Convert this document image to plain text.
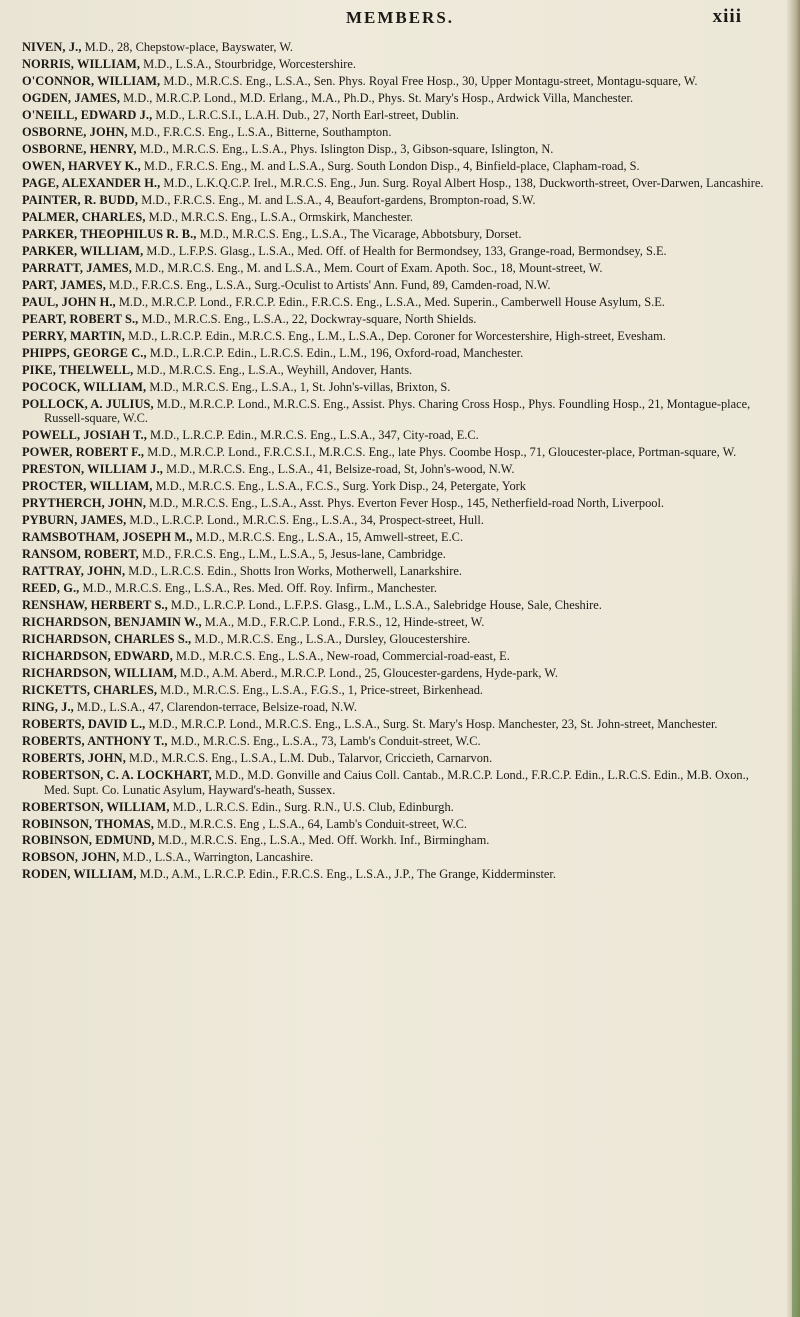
MEMBERS.	xiii

NIVEN, J., M.D., 28, Chepstow-place, Bayswater, W.

NORRIS, WILLIAM, M.D., L.S.A., Stourbridge, Worcestershire.

O'CONNOR, WILLIAM, M.D., M.R.C.S. Eng., L.S.A., Sen. Phys. Royal Free Hosp., 30, Upper Montagu-street, Montagu-square, W.

OGDEN, JAMES, M.D., M.R.C.P. Lond., M.D. Erlang., M.A., Ph.D., Phys. St. Mary's Hosp., Ardwick Villa, Manchester.

O'NEILL, EDWARD J., M.D., L.R.C.S.I., L.A.H. Dub., 27, North Earl-street, Dublin.

OSBORNE, JOHN, M.D., F.R.C.S. Eng., L.S.A., Bitterne, Southampton.

OSBORNE, HENRY, M.D., M.R.C.S. Eng., L.S.A., Phys. Islington Disp., 3, Gibson-square, Islington, N.

OWEN, HARVEY K., M.D., F.R.C.S. Eng., M. and L.S.A., Surg. South London Disp., 4, Binfield-place, Clapham-road, S.

PAGE, ALEXANDER H., M.D., L.K.Q.C.P. Irel., M.R.C.S. Eng., Jun. Surg. Royal Albert Hosp., 138, Duckworth-street, Over-Darwen, Lancashire.

PAINTER, R. BUDD, M.D., F.R.C.S. Eng., M. and L.S.A., 4, Beaufort-gardens, Brompton-road, S.W.

PALMER, CHARLES, M.D., M.R.C.S. Eng., L.S.A., Ormskirk, Manchester.

PARKER, THEOPHILUS R. B., M.D., M.R.C.S. Eng., L.S.A., The Vicarage, Abbotsbury, Dorset.

PARKER, WILLIAM, M.D., L.F.P.S. Glasg., L.S.A., Med. Off. of Health for Bermondsey, 133, Grange-road, Bermondsey, S.E.

PARRATT, JAMES, M.D., M.R.C.S. Eng., M. and L.S.A., Mem. Court of Exam. Apoth. Soc., 18, Mount-street, W.

PART, JAMES, M.D., F.R.C.S. Eng., L.S.A., Surg.-Oculist to Artists' Ann. Fund, 89, Camden-road, N.W.

PAUL, JOHN H., M.D., M.R.C.P. Lond., F.R.C.P. Edin., F.R.C.S. Eng., L.S.A., Med. Superin., Camberwell House Asylum, S.E.

PEART, ROBERT S., M.D., M.R.C.S. Eng., L.S.A., 22, Dockwray-square, North Shields.

PERRY, MARTIN, M.D., L.R.C.P. Edin., M.R.C.S. Eng., L.M., L.S.A., Dep. Coroner for Worcestershire, High-street, Evesham.

PHIPPS, GEORGE C., M.D., L.R.C.P. Edin., L.R.C.S. Edin., L.M., 196, Oxford-road, Manchester.

PIKE, THELWELL, M.D., M.R.C.S. Eng., L.S.A., Weyhill, Andover, Hants.

POCOCK, WILLIAM, M.D., M.R.C.S. Eng., L.S.A., 1, St. John's-villas, Brixton, S.

POLLOCK, A. JULIUS, M.D., M.R.C.P. Lond., M.R.C.S. Eng., Assist. Phys. Charing Cross Hosp., Phys. Foundling Hosp., 21, Montague-place, Russell-square, W.C.

POWELL, JOSIAH T., M.D., L.R.C.P. Edin., M.R.C.S. Eng., L.S.A., 347, City-road, E.C.

POWER, ROBERT F., M.D., M.R.C.P. Lond., F.R.C.S.I., M.R.C.S. Eng., late Phys. Coombe Hosp., 71, Gloucester-place, Portman-square, W.

PRESTON, WILLIAM J., M.D., M.R.C.S. Eng., L.S.A., 41, Belsize-road, St, John's-wood, N.W.

PROCTER, WILLIAM, M.D., M.R.C.S. Eng., L.S.A., F.C.S., Surg. York Disp., 24, Petergate, York

PRYTHERCH, JOHN, M.D., M.R.C.S. Eng., L.S.A., Asst. Phys. Everton Fever Hosp., 145, Netherfield-road North, Liverpool.

PYBURN, JAMES, M.D., L.R.C.P. Lond., M.R.C.S. Eng., L.S.A., 34, Prospect-street, Hull.

RAMSBOTHAM, JOSEPH M., M.D., M.R.C.S. Eng., L.S.A., 15, Amwell-street, E.C.

RANSOM, ROBERT, M.D., F.R.C.S. Eng., L.M., L.S.A., 5, Jesus-lane, Cambridge.

RATTRAY, JOHN, M.D., L.R.C.S. Edin., Shotts Iron Works, Motherwell, Lanarkshire.

REED, G., M.D., M.R.C.S. Eng., L.S.A., Res. Med. Off. Roy. Infirm., Manchester.

RENSHAW, HERBERT S., M.D., L.R.C.P. Lond., L.F.P.S. Glasg., L.M., L.S.A., Salebridge House, Sale, Cheshire.

RICHARDSON, BENJAMIN W., M.A., M.D., F.R.C.P. Lond., F.R.S., 12, Hinde-street, W.

RICHARDSON, CHARLES S., M.D., M.R.C.S. Eng., L.S.A., Dursley, Gloucestershire.

RICHARDSON, EDWARD, M.D., M.R.C.S. Eng., L.S.A., New-road, Commercial-road-east, E.

RICHARDSON, WILLIAM, M.D., A.M. Aberd., M.R.C.P. Lond., 25, Gloucester-gardens, Hyde-park, W.

RICKETTS, CHARLES, M.D., M.R.C.S. Eng., L.S.A., F.G.S., 1, Price-street, Birkenhead.

RING, J., M.D., L.S.A., 47, Clarendon-terrace, Belsize-road, N.W.

ROBERTS, DAVID L., M.D., M.R.C.P. Lond., M.R.C.S. Eng., L.S.A., Surg. St. Mary's Hosp. Manchester, 23, St. John-street, Manchester.

ROBERTS, ANTHONY T., M.D., M.R.C.S. Eng., L.S.A., 73, Lamb's Conduit-street, W.C.

ROBERTS, JOHN, M.D., M.R.C.S. Eng., L.S.A., L.M. Dub., Talarvor, Criccieth, Carnarvon.

ROBERTSON, C. A. LOCKHART, M.D., M.D. Gonville and Caius Coll. Cantab., M.R.C.P. Lond., F.R.C.P. Edin., L.R.C.S. Edin., M.B. Oxon., Med. Supt. Co. Lunatic Asylum, Hayward's-heath, Sussex.

ROBERTSON, WILLIAM, M.D., L.R.C.S. Edin., Surg. R.N., U.S. Club, Edinburgh.

ROBINSON, THOMAS, M.D., M.R.C.S. Eng , L.S.A., 64, Lamb's Conduit-street, W.C.

ROBINSON, EDMUND, M.D., M.R.C.S. Eng., L.S.A., Med. Off. Workh. Inf., Birmingham.

ROBSON, JOHN, M.D., L.S.A., Warrington, Lancashire.

RODEN, WILLIAM, M.D., A.M., L.R.C.P. Edin., F.R.C.S. Eng., L.S.A., J.P., The Grange, Kidderminster.
